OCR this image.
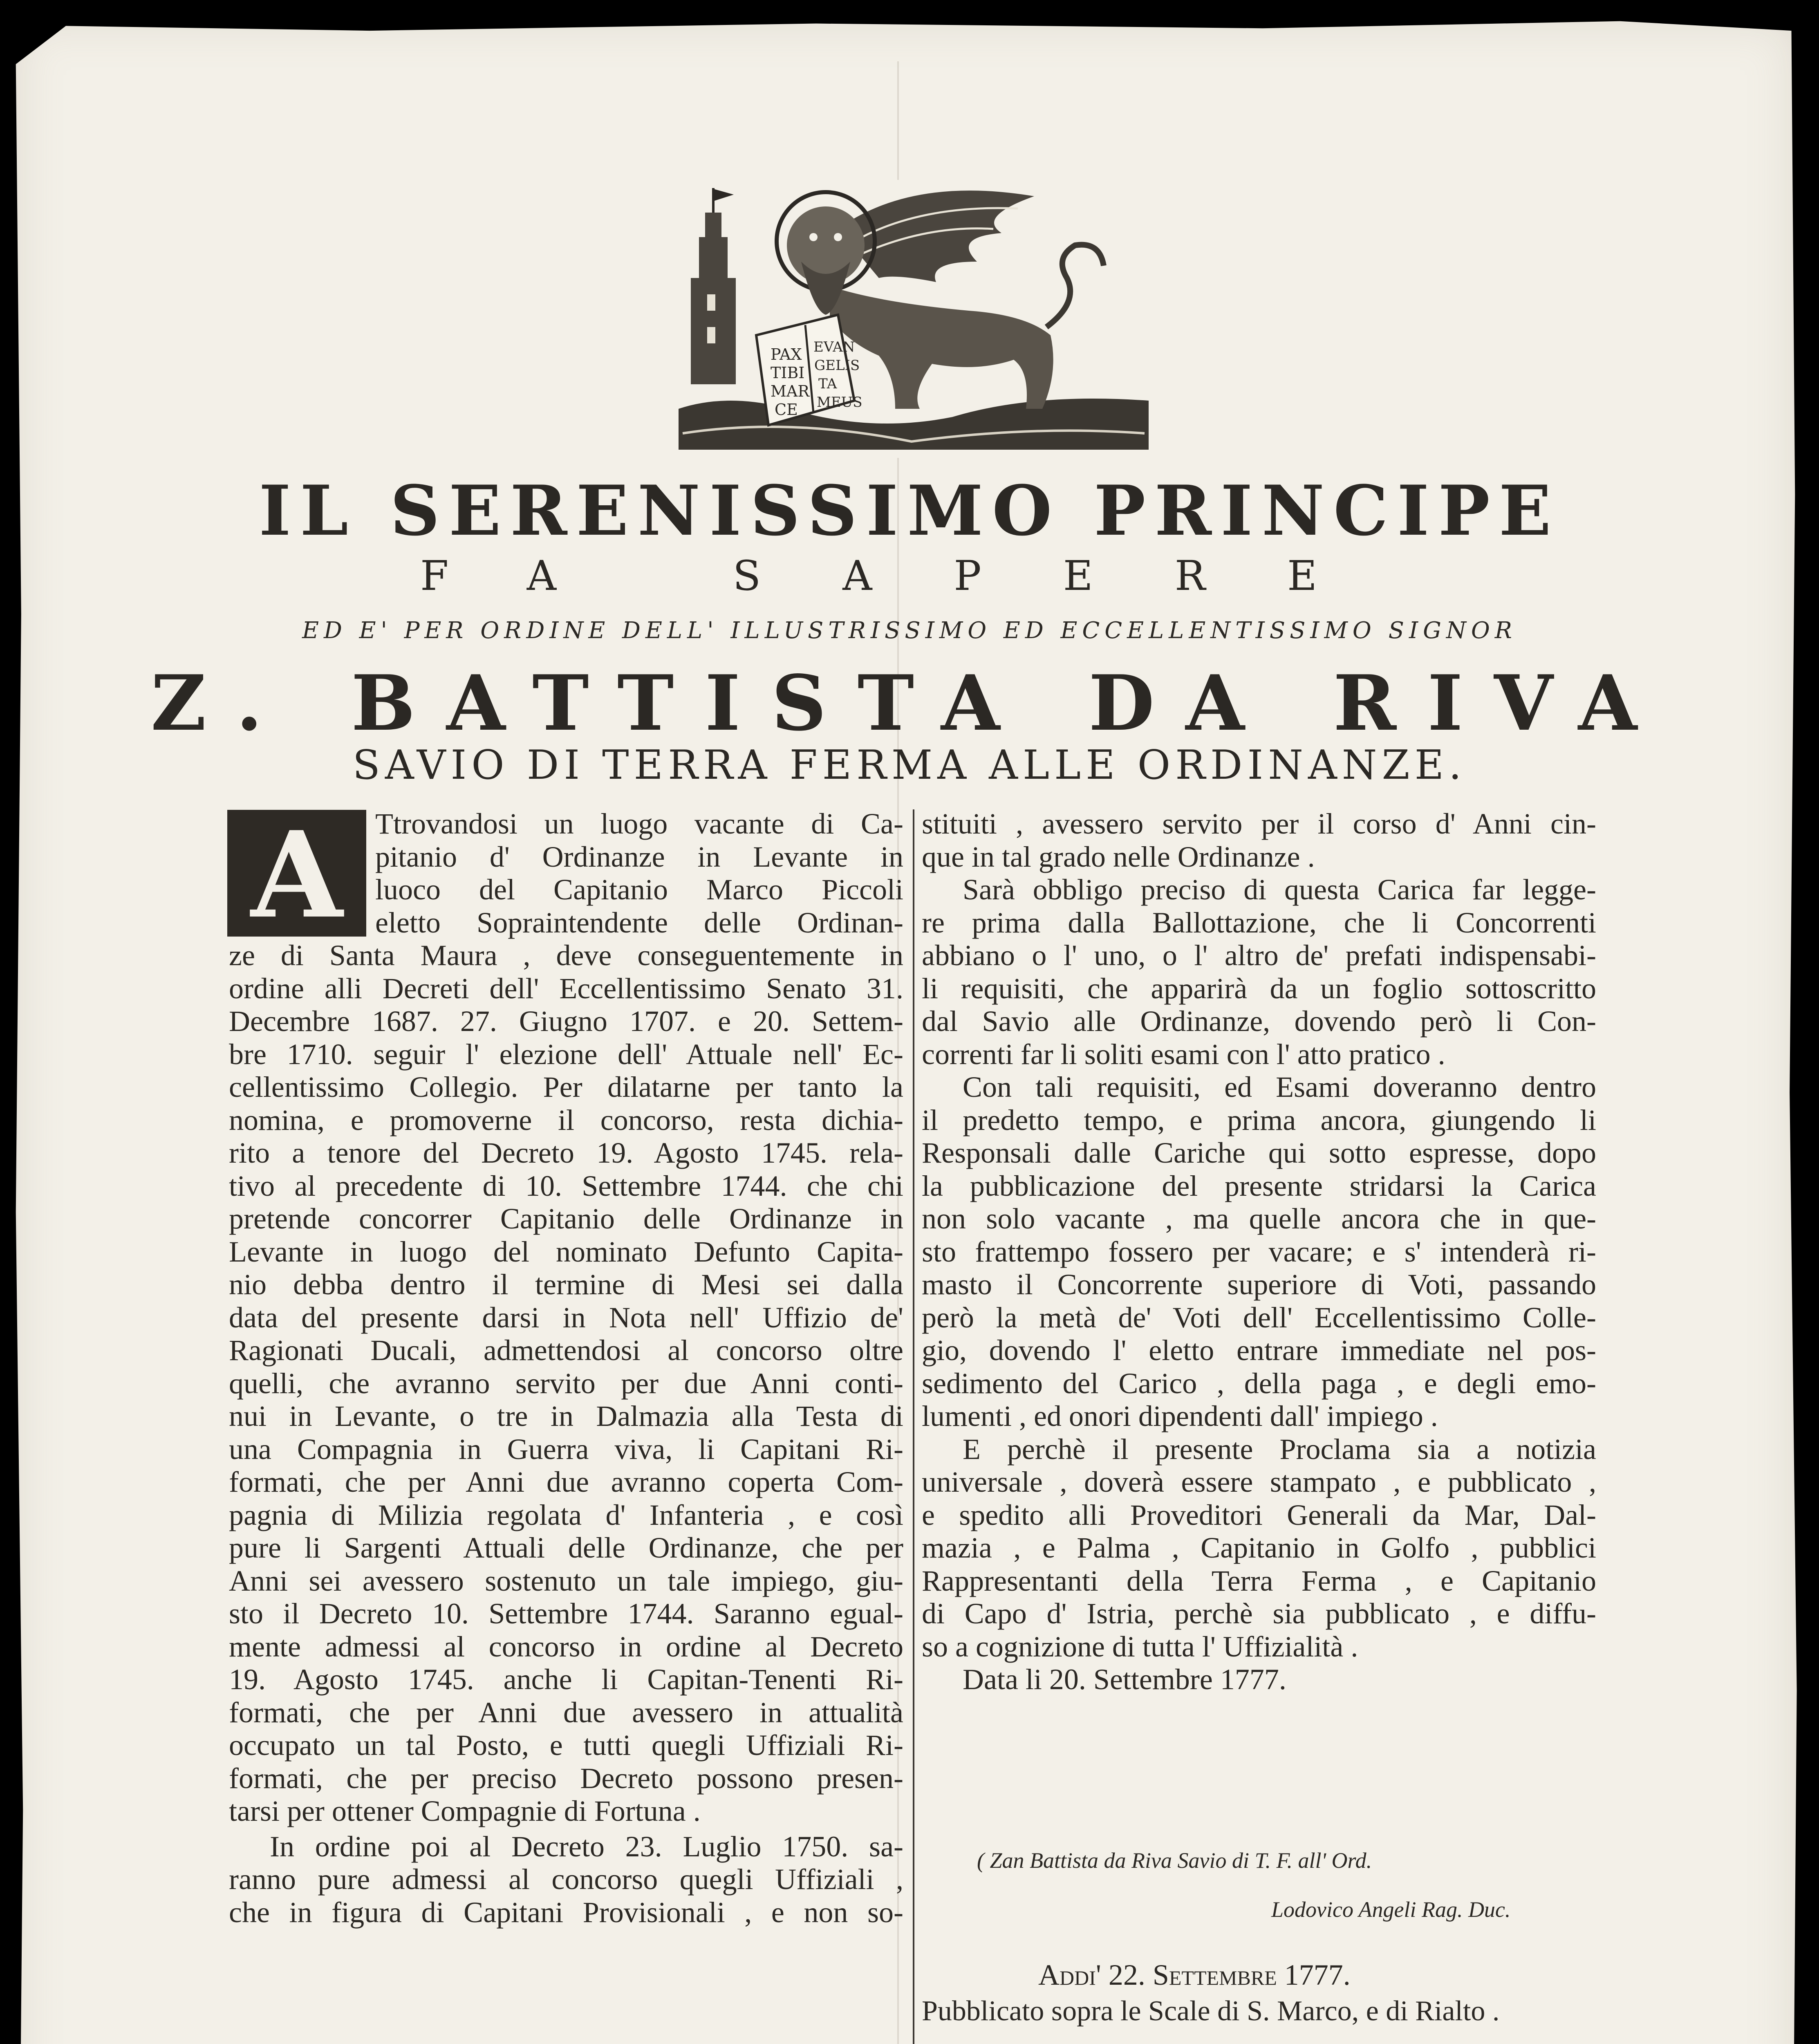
PAX
TIBI
MAR
CE
EVAN
GELIS
TA
MEUS
IL SERENISSIMO PRINCIPE
FA SAPERE
ED E' PER ORDINE DELL' ILLUSTRISSIMO ED ECCELLENTISSIMO SIGNOR
Z. BATTISTA DA RIVA
SAVIO DI TERRA FERMA ALLE ORDINANZE.
A	Ttrovandosi un luogo vacante di Ca-
pitanio d' Ordinanze in Levante in
luoco del Capitanio Marco Piccoli
eletto Sopraintendente delle Ordinan-
ze di Santa Maura , deve conseguentemente in
ordine alli Decreti dell' Eccellentissimo Senato 31.
Decembre 1687. 27. Giugno 1707. e 20. Settem-
bre 1710. seguir l' elezione dell' Attuale nell' Ec-
cellentissimo Collegio. Per dilatarne per tanto la
nomina, e promoverne il concorso, resta dichia-
rito a tenore del Decreto 19. Agosto 1745. rela-
tivo al precedente di 10. Settembre 1744. che chi
pretende concorrer Capitanio delle Ordinanze in
Levante in luogo del nominato Defunto Capita-
nio debba dentro il termine di Mesi sei dalla
data del presente darsi in Nota nell' Uffizio de'
Ragionati Ducali, admettendosi al concorso oltre
quelli, che avranno servito per due Anni conti-
nui in Levante, o tre in Dalmazia alla Testa di
una Compagnia in Guerra viva, li Capitani Ri-
formati, che per Anni due avranno coperta Com-
pagnia di Milizia regolata d' Infanteria , e così
pure li Sargenti Attuali delle Ordinanze, che per
Anni sei avessero sostenuto un tale impiego, giu-
sto il Decreto 10. Settembre 1744. Saranno egual-
mente admessi al concorso in ordine al Decreto
19. Agosto 1745. anche li Capitan-Tenenti Ri-
formati, che per Anni due avessero in attualità
occupato un tal Posto, e tutti quegli Uffiziali Ri-
formati, che per preciso Decreto possono presen-
tarsi per ottener Compagnie di Fortuna .

In ordine poi al Decreto 23. Luglio 1750. sa-
ranno pure admessi al concorso quegli Uffiziali ,
che in figura di Capitani Provisionali , e non so-

stituiti , avessero servito per il corso d' Anni cin-
que in tal grado nelle Ordinanze .

Sarà obbligo preciso di questa Carica far legge-
re prima dalla Ballottazione, che li Concorrenti
abbiano o l' uno, o l' altro de' prefati indispensabi-
li requisiti, che apparirà da un foglio sottoscritto
dal Savio alle Ordinanze, dovendo però li Con-
correnti far li soliti esami con l' atto pratico .

Con tali requisiti, ed Esami doveranno dentro
il predetto tempo, e prima ancora, giungendo li
Responsali dalle Cariche qui sotto espresse, dopo
la pubblicazione del presente stridarsi la Carica
non solo vacante , ma quelle ancora che in que-
sto frattempo fossero per vacare; e s' intenderà ri-
masto il Concorrente superiore di Voti, passando
però la metà de' Voti dell' Eccellentissimo Colle-
gio, dovendo l' eletto entrare immediate nel pos-
sedimento del Carico , della paga , e degli emo-
lumenti , ed onori dipendenti dall' impiego .

E perchè il presente Proclama sia a notizia
universale , doverà essere stampato , e pubblicato ,
e spedito alli Proveditori Generali da Mar, Dal-
mazia , e Palma , Capitanio in Golfo , pubblici
Rappresentanti della Terra Ferma , e Capitanio
di Capo d' Istria, perchè sia pubblicato , e diffu-
so a cognizione di tutta l' Uffizialità .

Data li 20. Settembre 1777.

( Zan Battista da Riva Savio di T. F. all' Ord.
Lodovico Angeli Rag. Duc.
Addi' 22. Settembre 1777.
Pubblicato sopra le Scale di S. Marco, e di Rialto .
